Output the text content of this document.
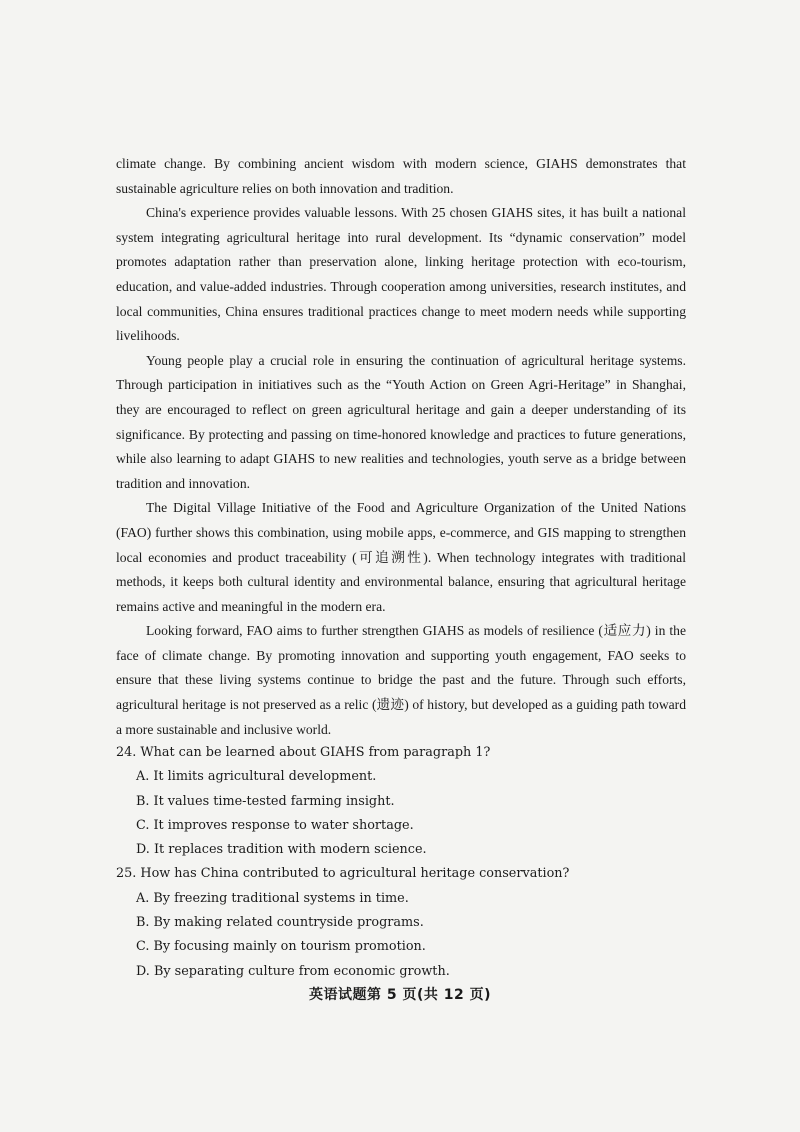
climate change. By combining ancient wisdom with modern science, GIAHS demonstrates that sustainable agriculture relies on both innovation and tradition.

China's experience provides valuable lessons. With 25 chosen GIAHS sites, it has built a national system integrating agricultural heritage into rural development. Its “dynamic conservation” model promotes adaptation rather than preservation alone, linking heritage protection with eco-tourism, education, and value-added industries. Through cooperation among universities, research institutes, and local communities, China ensures traditional practices change to meet modern needs while supporting livelihoods.

Young people play a crucial role in ensuring the continuation of agricultural heritage systems. Through participation in initiatives such as the “Youth Action on Green Agri-Heritage” in Shanghai, they are encouraged to reflect on green agricultural heritage and gain a deeper understanding of its significance. By protecting and passing on time-honored knowledge and practices to future generations, while also learning to adapt GIAHS to new realities and technologies, youth serve as a bridge between tradition and innovation.

The Digital Village Initiative of the Food and Agriculture Organization of the United Nations (FAO) further shows this combination, using mobile apps, e-commerce, and GIS mapping to strengthen local economies and product traceability (可追溯性). When technology integrates with traditional methods, it keeps both cultural identity and environmental balance, ensuring that agricultural heritage remains active and meaningful in the modern era.

Looking forward, FAO aims to further strengthen GIAHS as models of resilience (适应力) in the face of climate change. By promoting innovation and supporting youth engagement, FAO seeks to ensure that these living systems continue to bridge the past and the future. Through such efforts, agricultural heritage is not preserved as a relic (遗迹) of history, but developed as a guiding path toward a more sustainable and inclusive world.

24. What can be learned about GIAHS from paragraph 1?

A. It limits agricultural development.

B. It values time-tested farming insight.

C. It improves response to water shortage.

D. It replaces tradition with modern science.

25. How has China contributed to agricultural heritage conservation?

A. By freezing traditional systems in time.

B. By making related countryside programs.

C. By focusing mainly on tourism promotion.

D. By separating culture from economic growth.

英语试题第 5 页(共 12 页)
